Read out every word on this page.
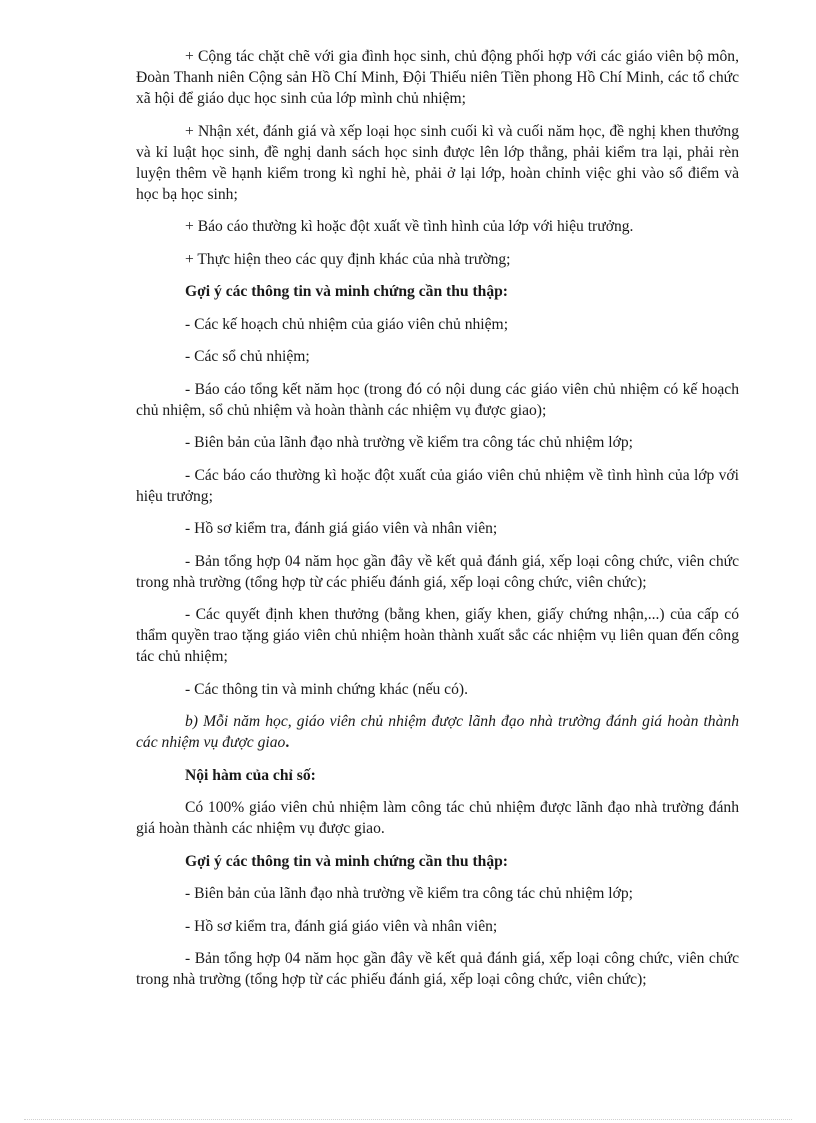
+ Cộng tác chặt chẽ với gia đình học sinh, chủ động phối hợp với các giáo viên bộ môn, Đoàn Thanh niên Cộng sản Hồ Chí Minh, Đội Thiếu niên Tiền phong Hồ Chí Minh, các tổ chức xã hội để giáo dục học sinh của lớp mình chủ nhiệm;

+ Nhận xét, đánh giá và xếp loại học sinh cuối kì và cuối năm học, đề nghị khen thưởng và kỉ luật học sinh, đề nghị danh sách học sinh được lên lớp thẳng, phải kiểm tra lại, phải rèn luyện thêm về hạnh kiểm trong kì nghỉ hè, phải ở lại lớp, hoàn chỉnh việc ghi vào sổ điểm và học bạ học sinh;

+ Báo cáo thường kì hoặc đột xuất về tình hình của lớp với hiệu trưởng.

+ Thực hiện theo các quy định khác của nhà trường;

Gợi ý các thông tin và minh chứng cần thu thập:

- Các kế hoạch chủ nhiệm của giáo viên chủ nhiệm;

- Các sổ chủ nhiệm;

- Báo cáo tổng kết năm học (trong đó có nội dung các giáo viên chủ nhiệm có kế hoạch chủ nhiệm, sổ chủ nhiệm và hoàn thành các nhiệm vụ được giao);

- Biên bản của lãnh đạo nhà trường về kiểm tra công tác chủ nhiệm lớp;

- Các báo cáo thường kì hoặc đột xuất của giáo viên chủ nhiệm về tình hình của lớp với hiệu trưởng;

- Hồ sơ kiểm tra, đánh giá giáo viên và nhân viên;

- Bản tổng hợp 04 năm học gần đây về kết quả đánh giá, xếp loại công chức, viên chức trong nhà trường (tổng hợp từ các phiếu đánh giá, xếp loại công chức, viên chức);

- Các quyết định khen thưởng (bằng khen, giấy khen, giấy chứng nhận,...) của cấp có thẩm quyền trao tặng giáo viên chủ nhiệm hoàn thành xuất sắc các nhiệm vụ liên quan đến công tác chủ nhiệm;

- Các thông tin và minh chứng khác (nếu có).

b) Mỗi năm học, giáo viên chủ nhiệm được lãnh đạo nhà trường đánh giá hoàn thành các nhiệm vụ được giao.

Nội hàm của chỉ số:

Có 100% giáo viên chủ nhiệm làm công tác chủ nhiệm được lãnh đạo nhà trường đánh giá hoàn thành các nhiệm vụ được giao.

Gợi ý các thông tin và minh chứng cần thu thập:

- Biên bản của lãnh đạo nhà trường về kiểm tra công tác chủ nhiệm lớp;

- Hồ sơ kiểm tra, đánh giá giáo viên và nhân viên;

- Bản tổng hợp 04 năm học gần đây về kết quả đánh giá, xếp loại công chức, viên chức trong nhà trường (tổng hợp từ các phiếu đánh giá, xếp loại công chức, viên chức);
